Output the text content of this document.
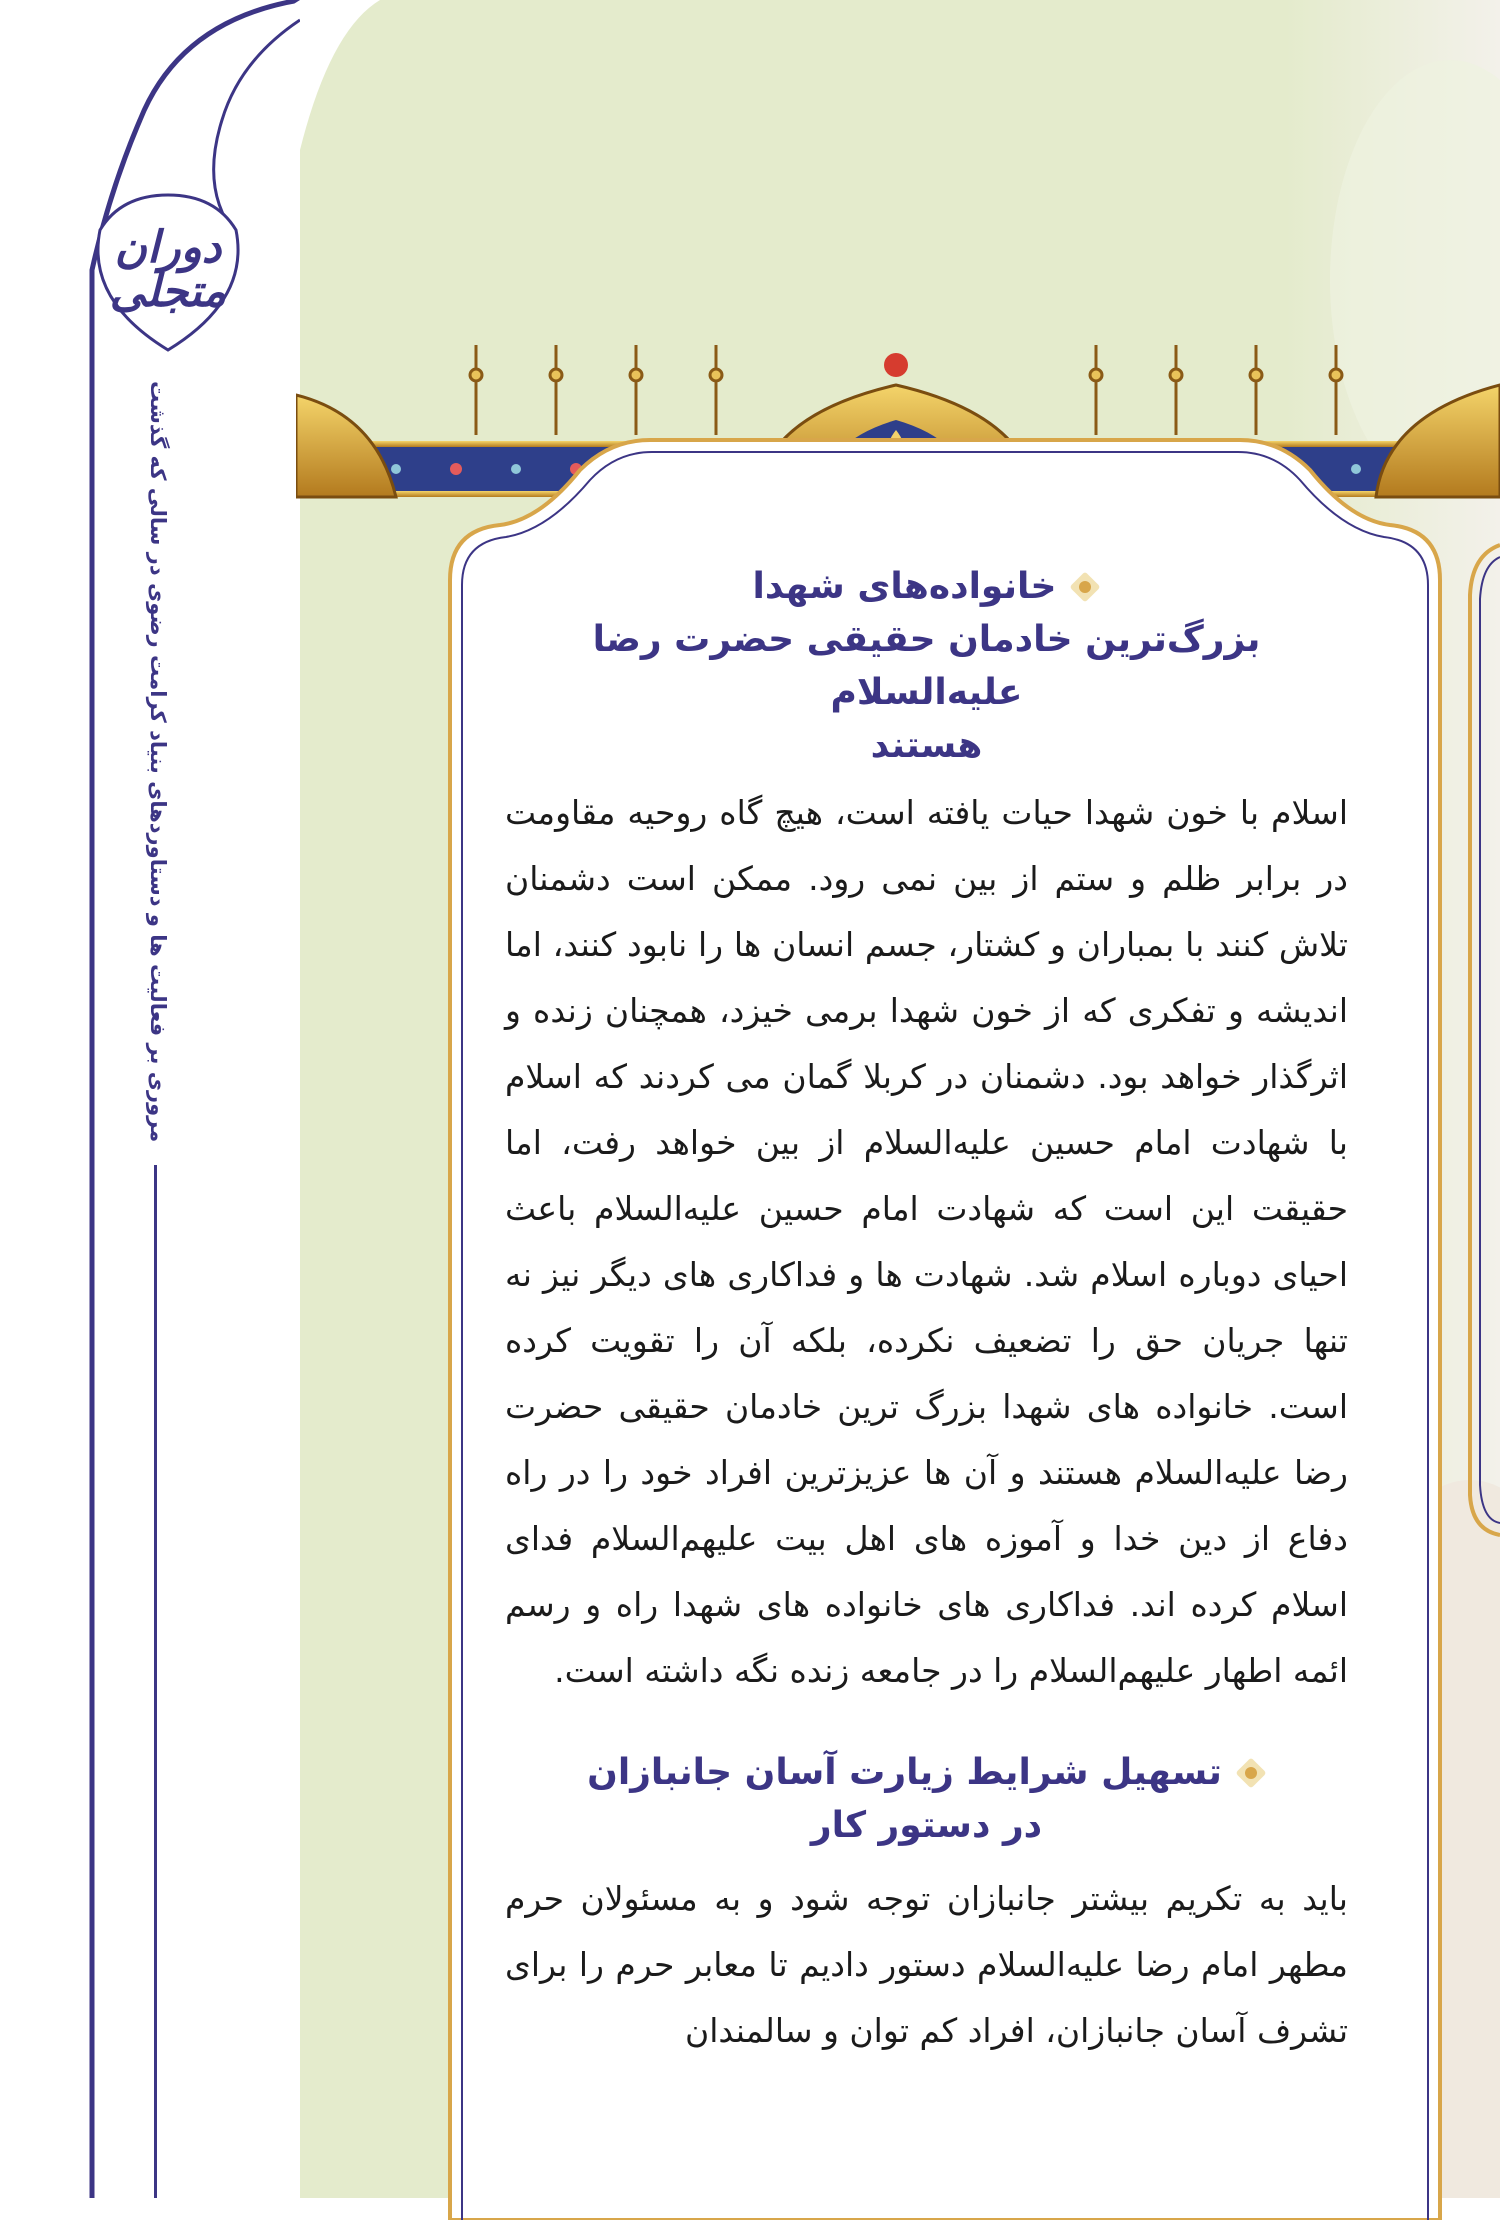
دوران
متجلی
مروری بر فعالیت ها و دستاوردهای بنیاد کرامت رضوی در سالی که گذشت	خانواده‌های شهدا

بزرگ‌ترین خادمان حقیقی حضرت رضا علیه‌السلام

هستند

اسلام با خون شهدا حیات یافته است، هیچ گاه روحیه مقاومت در برابر ظلم و ستم از بین نمی رود. ممکن است دشمنان تلاش کنند با بمباران و کشتار، جسم انسان ها را نابود کنند، اما اندیشه و تفکری که از خون شهدا برمی خیزد، همچنان زنده و اثرگذار خواهد بود. دشمنان در کربلا گمان می کردند که اسلام با شهادت امام حسین علیه‌السلام از بین خواهد رفت، اما حقیقت این است که شهادت امام حسین علیه‌السلام باعث احیای دوباره اسلام شد. شهادت ها و فداکاری های دیگر نیز نه تنها جریان حق را تضعیف نکرده، بلکه آن را تقویت کرده است. خانواده های شهدا بزرگ ترین خادمان حقیقی حضرت رضا علیه‌السلام هستند و آن ها عزیزترین افراد خود را در راه دفاع از دین خدا و آموزه های اهل بیت علیهم‌السلام فدای اسلام کرده اند. فداکاری های خانواده های شهدا راه و رسم ائمه اطهار علیهم‌السلام را در جامعه زنده نگه داشته است.

تسهیل شرایط زیارت آسان جانبازان

در دستور کار

باید به تکریم بیشتر جانبازان توجه شود و به مسئولان حرم مطهر امام رضا علیه‌السلام دستور دادیم تا معابر حرم را برای تشرف آسان جانبازان، افراد کم توان و سالمندان
